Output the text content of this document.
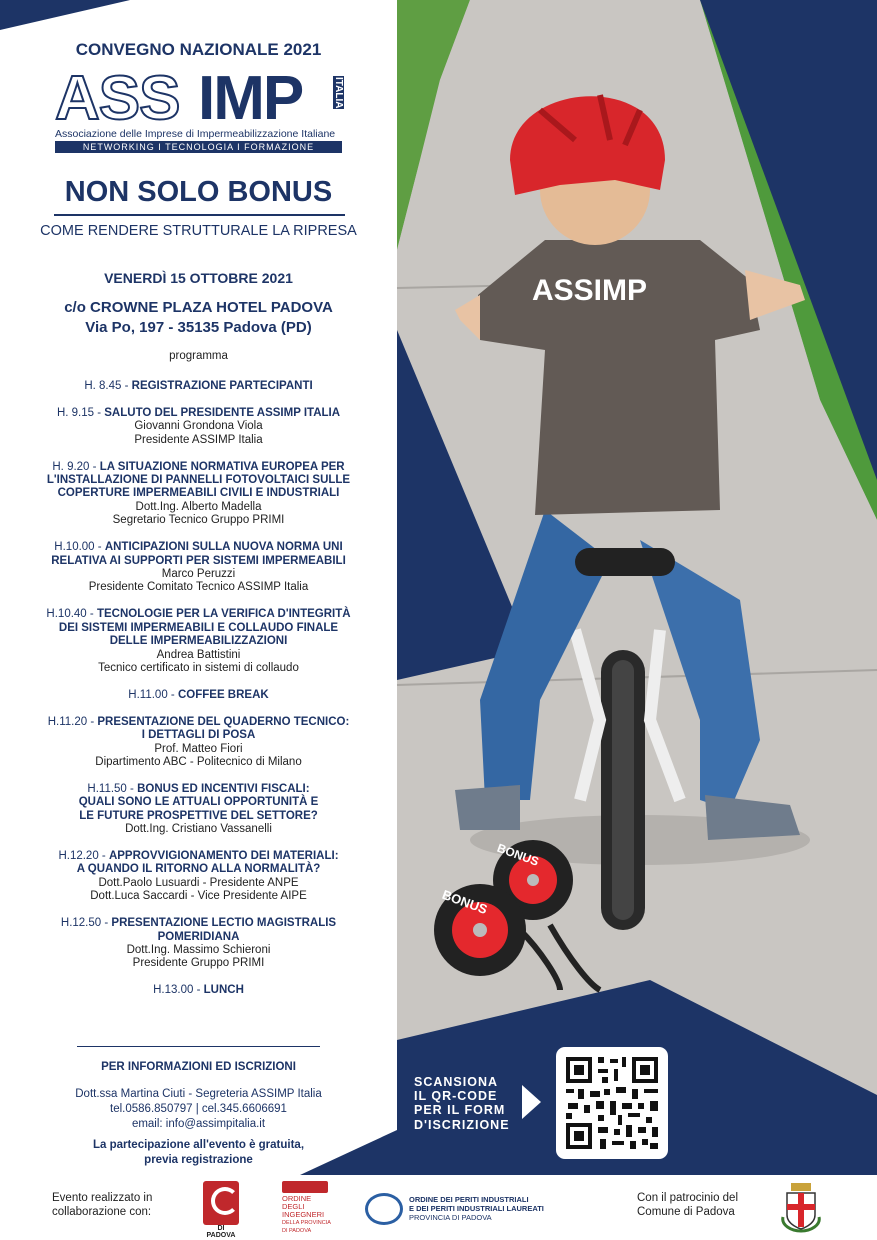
ASSIMP
BONUS
BONUS
CONVEGNO NAZIONALE 2021
ASS IMP	ITALIA
Associazione delle Imprese di Impermeabilizzazione Italiane
NETWORKING I TECNOLOGIA I FORMAZIONE
NON SOLO BONUS
COME RENDERE STRUTTURALE LA RIPRESA
VENERDÌ 15 OTTOBRE 2021
c/o CROWNE PLAZA HOTEL PADOVA
Via Po, 197 - 35135 Padova (PD)
programma
H. 8.45 - REGISTRAZIONE PARTECIPANTI
H. 9.15 - SALUTO DEL PRESIDENTE ASSIMP ITALIA
Giovanni Grondona Viola
Presidente ASSIMP Italia
H. 9.20 - LA SITUAZIONE NORMATIVA EUROPEA PER
L'INSTALLAZIONE DI PANNELLI FOTOVOLTAICI SULLE
COPERTURE IMPERMEABILI CIVILI E INDUSTRIALI
Dott.Ing. Alberto Madella
Segretario Tecnico Gruppo PRIMI
H.10.00 - ANTICIPAZIONI SULLA NUOVA NORMA UNI
RELATIVA AI SUPPORTI PER SISTEMI IMPERMEABILI
Marco Peruzzi
Presidente Comitato Tecnico ASSIMP Italia
H.10.40 - TECNOLOGIE PER LA VERIFICA D'INTEGRITÀ
DEI SISTEMI IMPERMEABILI E COLLAUDO FINALE
DELLE IMPERMEABILIZZAZIONI
Andrea Battistini
Tecnico certificato in sistemi di collaudo
H.11.00 - COFFEE BREAK
H.11.20 - PRESENTAZIONE DEL QUADERNO TECNICO:
I DETTAGLI DI POSA
Prof. Matteo Fiori
Dipartimento ABC - Politecnico di Milano
H.11.50 - BONUS ED INCENTIVI FISCALI:
QUALI SONO LE ATTUALI OPPORTUNITÀ E
LE FUTURE PROSPETTIVE DEL SETTORE?
Dott.Ing. Cristiano Vassanelli
H.12.20 - APPROVVIGIONAMENTO DEI MATERIALI:
A QUANDO IL RITORNO ALLA NORMALITÀ?
Dott.Paolo Lusuardi - Presidente ANPE
Dott.Luca Saccardi - Vice Presidente AIPE
H.12.50 - PRESENTAZIONE LECTIO MAGISTRALIS
POMERIDIANA
Dott.Ing. Massimo Schieroni
Presidente Gruppo PRIMI
H.13.00 - LUNCH
PER INFORMAZIONI ED ISCRIZIONI
Dott.ssa Martina Ciuti - Segreteria ASSIMP Italia
tel.0586.850797 | cel.345.6606691
email: info@assimpitalia.it
La partecipazione all'evento è gratuita,
previa registrazione
SCANSIONA
IL QR-CODE
PER IL FORM
D'ISCRIZIONE
Evento realizzato in
collaborazione con:
DI PADOVA
ORDINE
DEGLI
INGEGNERI
DELLA PROVINCIA
DI PADOVA
ORDINE DEI PERITI INDUSTRIALI
E DEI PERITI INDUSTRIALI LAUREATI
PROVINCIA DI PADOVA
Con il patrocinio del
Comune di Padova
